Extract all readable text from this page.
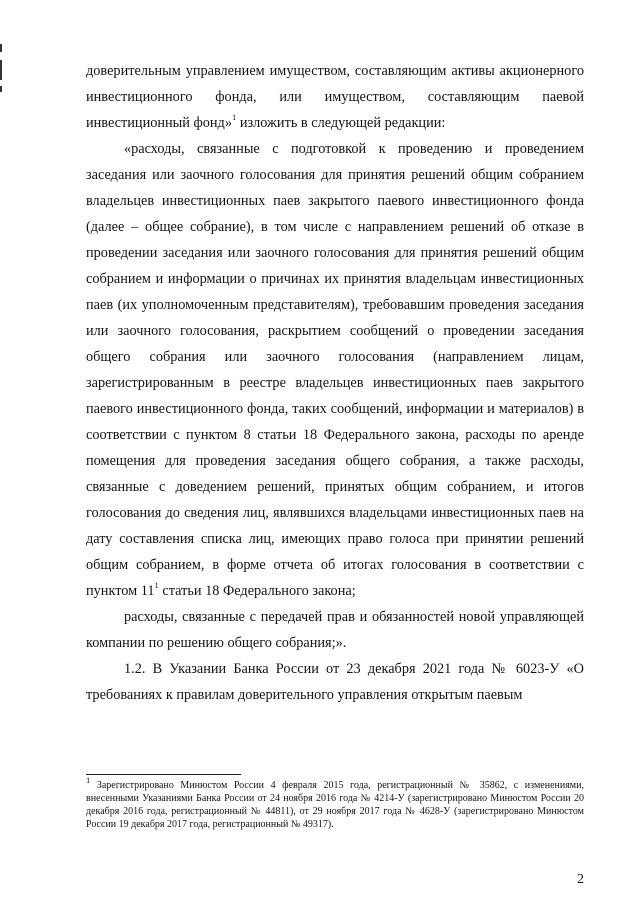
доверительным управлением имуществом, составляющим активы акционерного инвестиционного фонда, или имуществом, составляющим паевой инвестиционный фонд»$^1$ изложить в следующей редакции:

«расходы, связанные с подготовкой к проведению и проведением заседания или заочного голосования для принятия решений общим собранием владельцев инвестиционных паев закрытого паевого инвестиционного фонда (далее – общее собрание), в том числе с направлением решений об отказе в проведении заседания или заочного голосования для принятия решений общим собранием и информации о причинах их принятия владельцам инвестиционных паев (их уполномоченным представителям), требовавшим проведения заседания или заочного голосования, раскрытием сообщений о проведении заседания общего собрания или заочного голосования (направлением лицам, зарегистрированным в реестре владельцев инвестиционных паев закрытого паевого инвестиционного фонда, таких сообщений, информации и материалов) в соответствии с пунктом 8 статьи 18 Федерального закона, расходы по аренде помещения для проведения заседания общего собрания, а также расходы, связанные с доведением решений, принятых общим собранием, и итогов голосования до сведения лиц, являвшихся владельцами инвестиционных паев на дату составления списка лиц, имеющих право голоса при принятии решений общим собранием, в форме отчета об итогах голосования в соответствии с пунктом $11^1$ статьи 18 Федерального закона;

расходы, связанные с передачей прав и обязанностей новой управляющей компании по решению общего собрания;».

1.2. В Указании Банка России от 23 декабря 2021 года № 6023-У «О требованиях к правилам доверительного управления открытым паевым

$^1$ Зарегистрировано Минюстом России 4 февраля 2015 года, регистрационный № 35862, с изменениями, внесенными Указаниями Банка России от 24 ноября 2016 года № 4214-У (зарегистрировано Минюстом России 20 декабря 2016 года, регистрационный № 44811), от 29 ноября 2017 года № 4628-У (зарегистрировано Минюстом России 19 декабря 2017 года, регистрационный № 49317).

2
